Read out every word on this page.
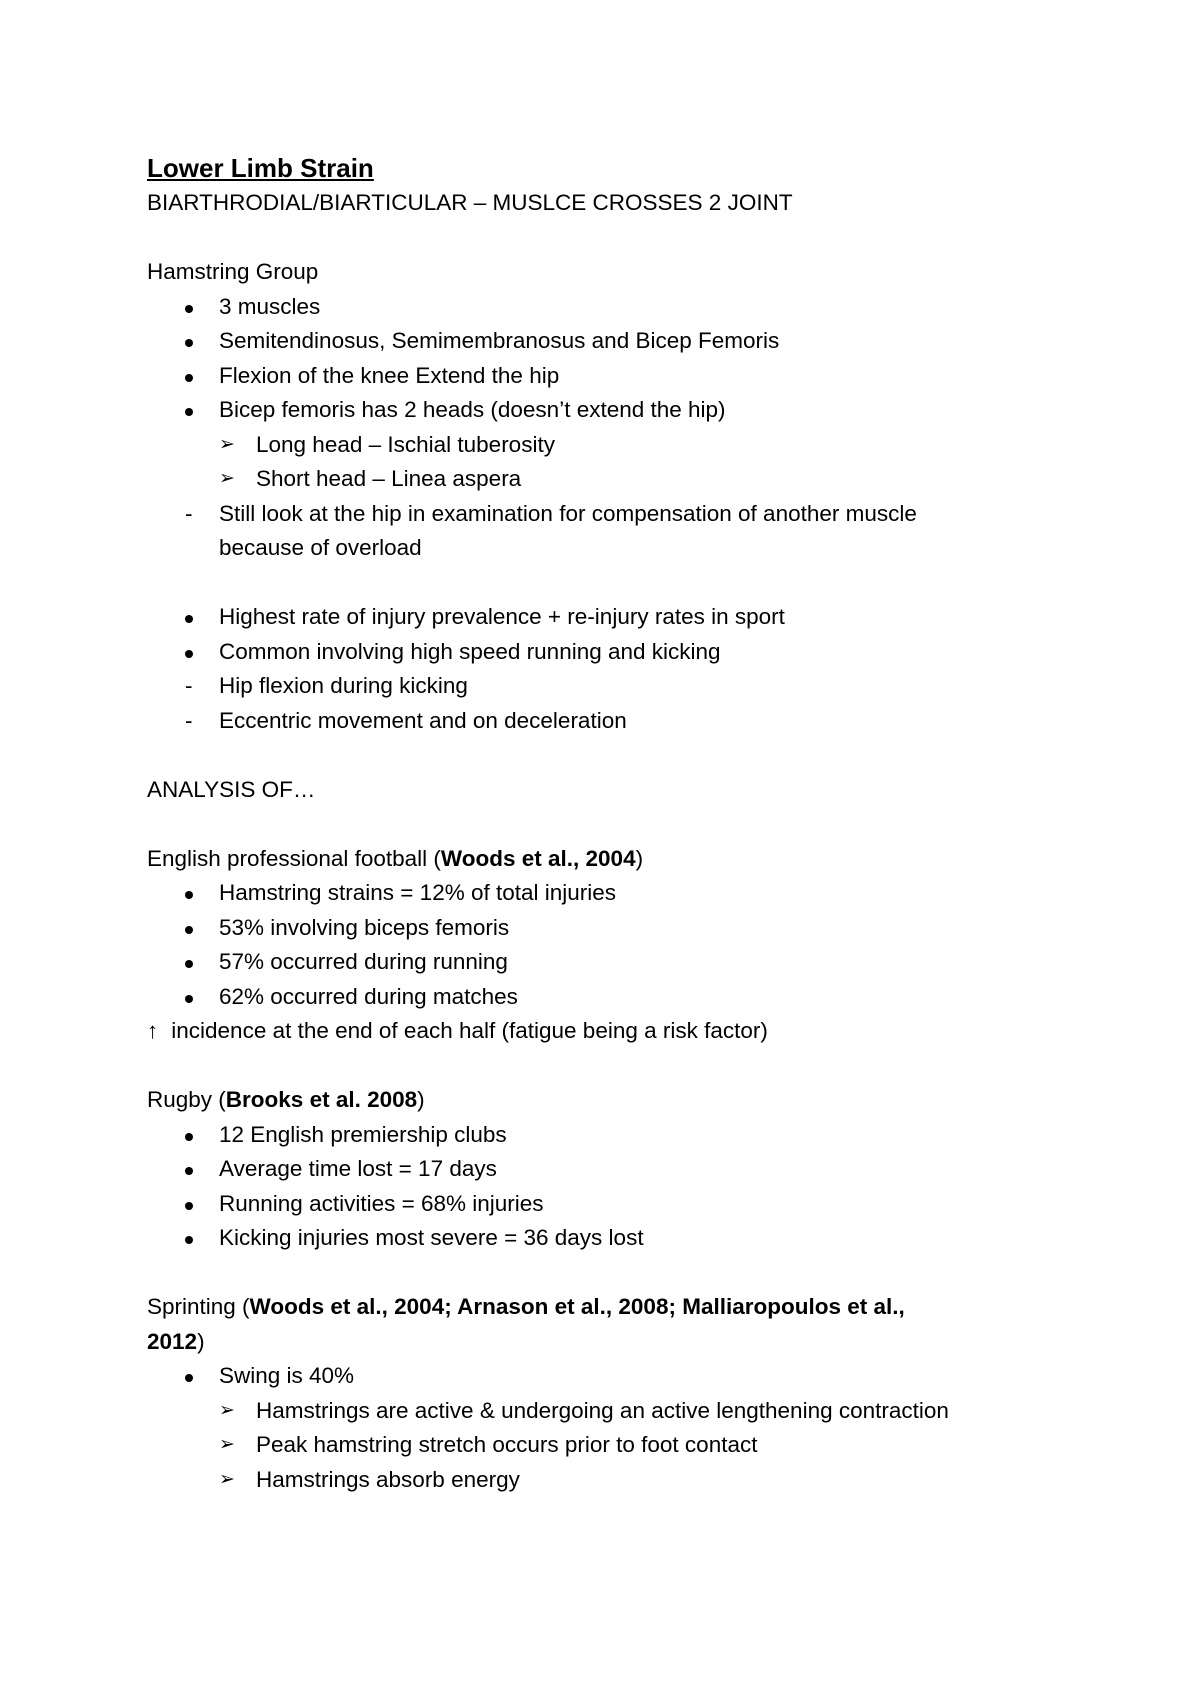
Lower Limb Strain
BIARTHRODIAL/BIARTICULAR – MUSLCE CROSSES 2 JOINT
Hamstring Group
3 muscles
Semitendinosus, Semimembranosus and Bicep Femoris
Flexion of the knee Extend the hip
Bicep femoris has 2 heads (doesn’t extend the hip)
➢ Long head – Ischial tuberosity
➢ Short head – Linea aspera
- Still look at the hip in examination for compensation of another muscle
because of overload
Highest rate of injury prevalence + re-injury rates in sport
Common involving high speed running and kicking
- Hip flexion during kicking
- Eccentric movement and on deceleration
ANALYSIS OF…
English professional football (Woods et al., 2004)
Hamstring strains = 12% of total injuries
53% involving biceps femoris
57% occurred during running
62% occurred during matches
↑ incidence at the end of each half (fatigue being a risk factor)
Rugby (Brooks et al. 2008)
12 English premiership clubs
Average time lost = 17 days
Running activities = 68% injuries
Kicking injuries most severe = 36 days lost
Sprinting (Woods et al., 2004; Arnason et al., 2008; Malliaropoulos et al.,
2012)
Swing is 40%
➢ Hamstrings are active & undergoing an active lengthening contraction
➢ Peak hamstring stretch occurs prior to foot contact
➢ Hamstrings absorb energy
